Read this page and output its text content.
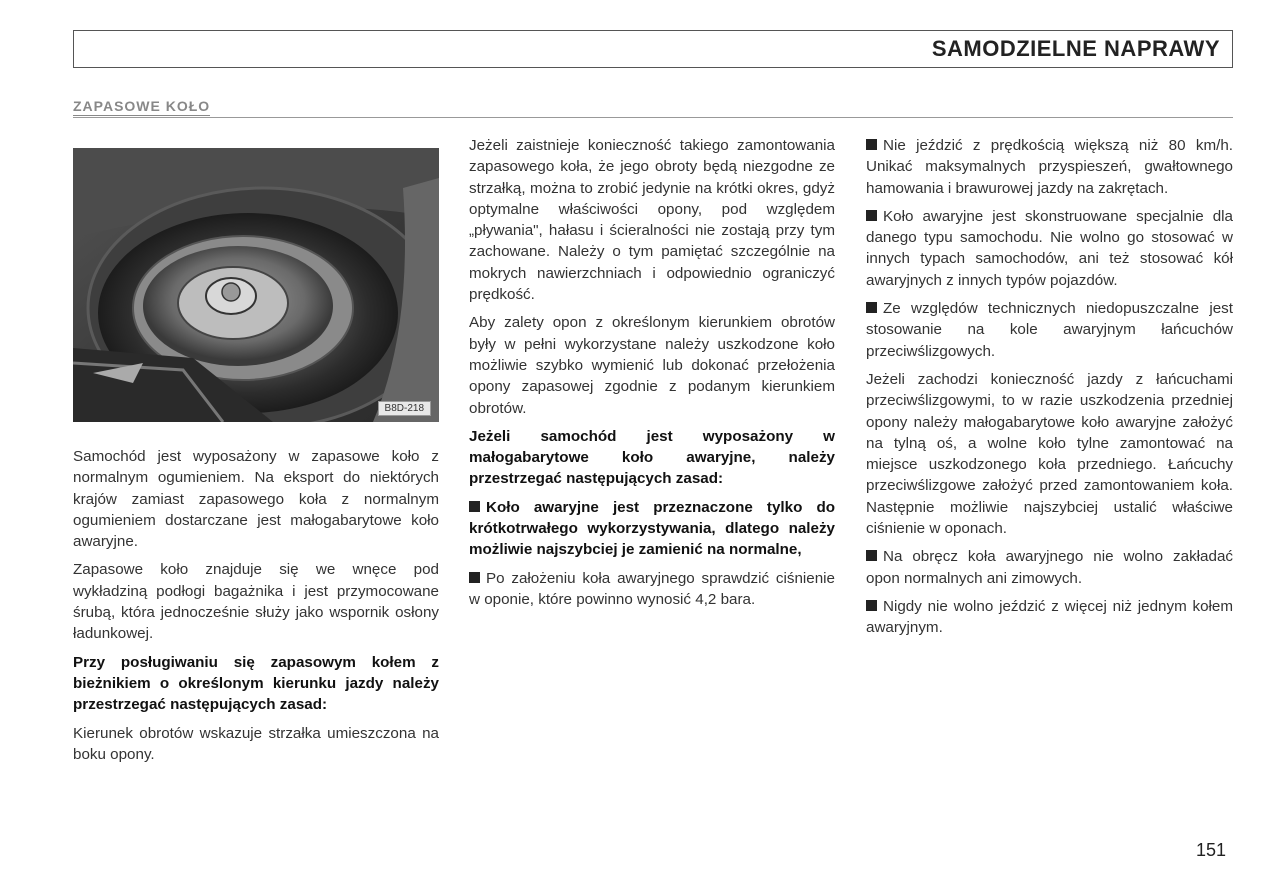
SAMODZIELNE NAPRAWY
ZAPASOWE KOŁO
B8D-218

Samochód jest wyposażony w zapasowe koło z normalnym ogumieniem. Na eksport do niektórych krajów zamiast zapasowego koła z normalnym ogumieniem dostarczane jest małogabarytowe koło awaryjne.

Zapasowe koło znajduje się we wnęce pod wykładziną podłogi bagażnika i jest przymocowane śrubą, która jednocześnie służy jako wspornik osłony ładunkowej.

Przy posługiwaniu się zapasowym kołem z bieżnikiem o określonym kierunku jazdy należy przestrzegać następujących zasad:

Kierunek obrotów wskazuje strzałka umieszczona na boku opony.

Jeżeli zaistnieje konieczność takiego zamontowania zapasowego koła, że jego obroty będą niezgodne ze strzałką, można to zrobić jedynie na krótki okres, gdyż optymalne właściwości opony, pod względem „pływania", hałasu i ścieralności nie zostają przy tym zachowane. Należy o tym pamiętać szczególnie na mokrych nawierzchniach i odpowiednio ograniczyć prędkość.

Aby zalety opon z określonym kierunkiem obrotów były w pełni wykorzystane należy uszkodzone koło możliwie szybko wymienić lub dokonać przełożenia opony zapasowej zgodnie z podanym kierunkiem obrotów.

Jeżeli samochód jest wyposażony w małogabarytowe koło awaryjne, należy przestrzegać następujących zasad:

Koło awaryjne jest przeznaczone tylko do krótkotrwałego wykorzystywania, dlatego należy możliwie najszybciej je zamienić na normalne,

Po założeniu koła awaryjnego sprawdzić ciśnienie w oponie, które powinno wynosić 4,2 bara.

Nie jeździć z prędkością większą niż 80 km/h. Unikać maksymalnych przyspieszeń, gwałtownego hamowania i brawurowej jazdy na zakrętach.

Koło awaryjne jest skonstruowane specjalnie dla danego typu samochodu. Nie wolno go stosować w innych typach samochodów, ani też stosować kół awaryjnych z innych typów pojazdów.

Ze względów technicznych niedopuszczalne jest stosowanie na kole awaryjnym łańcuchów przeciwślizgowych.

Jeżeli zachodzi konieczność jazdy z łańcuchami przeciwślizgowymi, to w razie uszkodzenia przedniej opony należy małogabarytowe koło awaryjne założyć na tylną oś, a wolne koło tylne zamontować na miejsce uszkodzonego koła przedniego. Łańcuchy przeciwślizgowe założyć przed zamontowaniem koła. Następnie możliwie najszybciej ustalić właściwe ciśnienie w oponach.

Na obręcz koła awaryjnego nie wolno zakładać opon normalnych ani zimowych.

Nigdy nie wolno jeździć z więcej niż jednym kołem awaryjnym.

151
